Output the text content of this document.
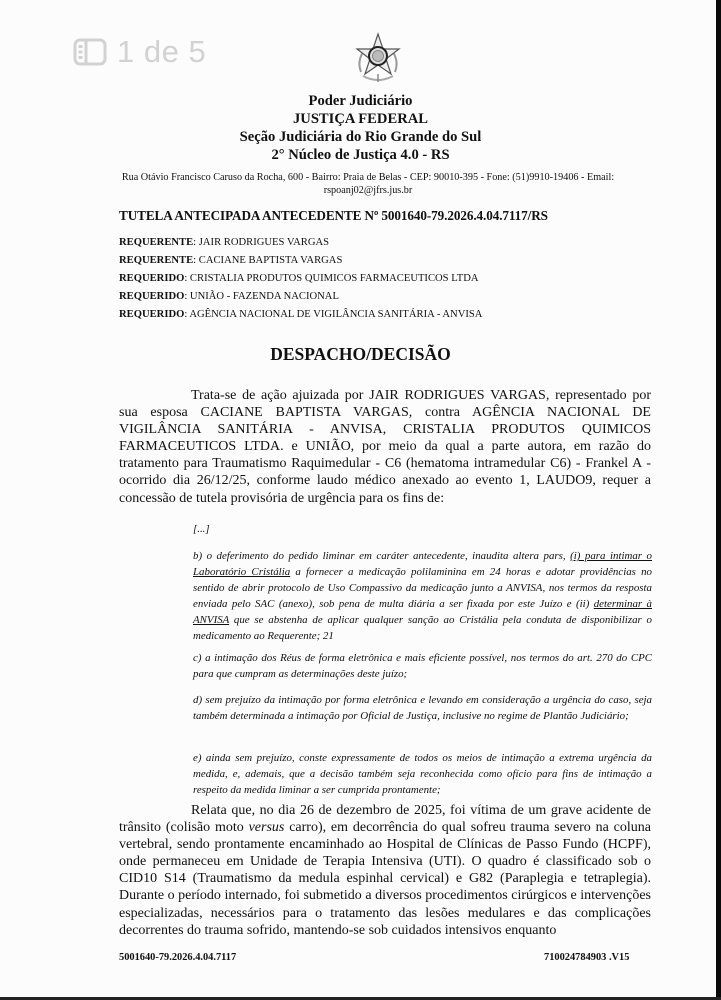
1 de 5
Poder Judiciário
JUSTIÇA FEDERAL
Seção Judiciária do Rio Grande do Sul
2° Núcleo de Justiça 4.0 - RS
Rua Otávio Francisco Caruso da Rocha, 600 - Bairro: Praia de Belas - CEP: 90010-395 - Fone: (51)9910-19406 - Email:
rspoanj02@jfrs.jus.br
TUTELA ANTECIPADA ANTECEDENTE Nº 5001640-79.2026.4.04.7117/RS
REQUERENTE: JAIR RODRIGUES VARGAS
REQUERENTE: CACIANE BAPTISTA VARGAS
REQUERIDO: CRISTALIA PRODUTOS QUIMICOS FARMACEUTICOS LTDA
REQUERIDO: UNIÃO - FAZENDA NACIONAL
REQUERIDO: AGÊNCIA NACIONAL DE VIGILÂNCIA SANITÁRIA - ANVISA
DESPACHO/DECISÃO
Trata-se de ação ajuizada por JAIR RODRIGUES VARGAS, representado por sua esposa CACIANE BAPTISTA VARGAS, contra AGÊNCIA NACIONAL DE VIGILÂNCIA SANITÁRIA - ANVISA, CRISTALIA PRODUTOS QUIMICOS FARMACEUTICOS LTDA. e UNIÃO, por meio da qual a parte autora, em razão do tratamento para Traumatismo Raquimedular - C6 (hematoma intramedular C6) - Frankel A - ocorrido dia 26/12/25, conforme laudo médico anexado ao evento 1, LAUDO9, requer a concessão de tutela provisória de urgência para os fins de:
[...]
b) o deferimento do pedido liminar em caráter antecedente, inaudita altera pars, (i) para intimar o Laboratório Cristália a fornecer a medicação polilaminina em 24 horas e adotar providências no sentido de abrir protocolo de Uso Compassivo da medicação junto a ANVISA, nos termos da resposta enviada pelo SAC (anexo), sob pena de multa diária a ser fixada por este Juízo e (ii) determinar à ANVISA que se abstenha de aplicar qualquer sanção ao Cristália pela conduta de disponibilizar o medicamento ao Requerente; 21
c) a intimação dos Réus de forma eletrônica e mais eficiente possível, nos termos do art. 270 do CPC para que cumpram as determinações deste juízo;
d) sem prejuízo da intimação por forma eletrônica e levando em consideração a urgência do caso, seja também determinada a intimação por Oficial de Justiça, inclusive no regime de Plantão Judiciário;
e) ainda sem prejuízo, conste expressamente de todos os meios de intimação a extrema urgência da medida, e, ademais, que a decisão também seja reconhecida como ofício para fins de intimação a respeito da medida liminar a ser cumprida prontamente;
Relata que, no dia 26 de dezembro de 2025, foi vítima de um grave acidente de trânsito (colisão moto versus carro), em decorrência do qual sofreu trauma severo na coluna vertebral, sendo prontamente encaminhado ao Hospital de Clínicas de Passo Fundo (HCPF), onde permaneceu em Unidade de Terapia Intensiva (UTI). O quadro é classificado sob o CID10 S14 (Traumatismo da medula espinhal cervical) e G82 (Paraplegia e tetraplegia). Durante o período internado, foi submetido a diversos procedimentos cirúrgicos e intervenções especializadas, necessários para o tratamento das lesões medulares e das complicações decorrentes do trauma sofrido, mantendo-se sob cuidados intensivos enquanto
5001640-79.2026.4.04.7117	710024784903 .V15
